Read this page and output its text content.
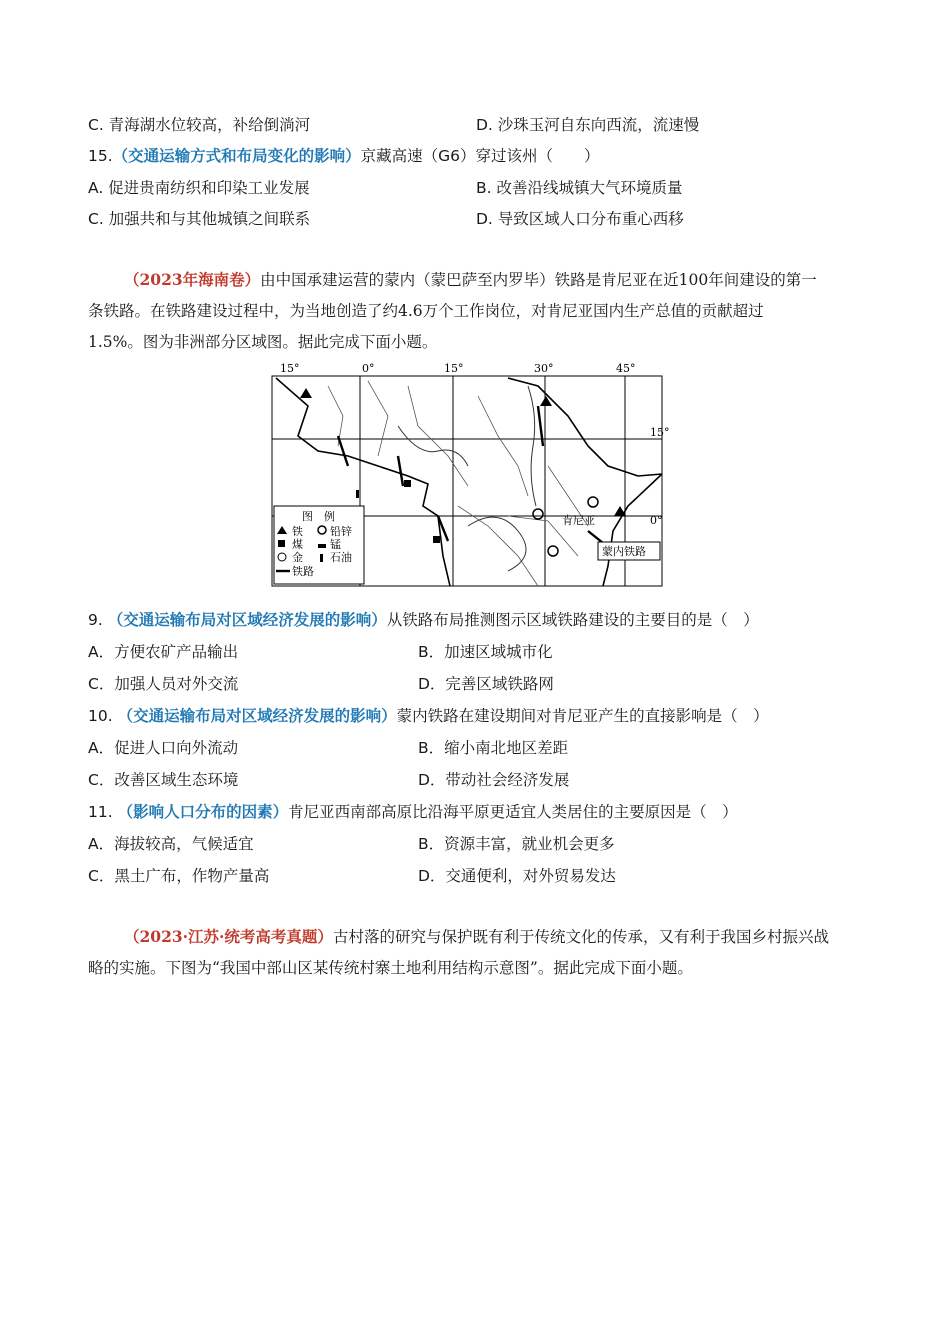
C. 青海湖水位较高，补给倒淌河	D. 沙珠玉河自东向西流，流速慢
15.（交通运输方式和布局变化的影响）京藏高速（G6）穿过该州（　　）
A. 促进贵南纺织和印染工业发展	B. 改善沿线城镇大气环境质量
C. 加强共和与其他城镇之间联系	D. 导致区域人口分布重心西移
（2023年海南卷）由中国承建运营的蒙内（蒙巴萨至内罗毕）铁路是肯尼亚在近100年间建设的第一
条铁路。在铁路建设过程中，为当地创造了约4.6万个工作岗位，对肯尼亚国内生产总值的贡献超过
1.5%。图为非洲部分区域图。据此完成下面小题。
15°	0°	15°	30°	45°
15°
0°
肯尼亚
蒙内铁路
图　例
铁
煤
金
铁路
铅锌
锰
石油
9. （交通运输布局对区域经济发展的影响）从铁路布局推测图示区域铁路建设的主要目的是（　）
A．方便农矿产品输出	B．加速区域城市化
C．加强人员对外交流	D．完善区域铁路网
10. （交通运输布局对区域经济发展的影响）蒙内铁路在建设期间对肯尼亚产生的直接影响是（　）
A．促进人口向外流动	B．缩小南北地区差距
C．改善区域生态环境	D．带动社会经济发展
11. （影响人口分布的因素）肯尼亚西南部高原比沿海平原更适宜人类居住的主要原因是（　）
A．海拔较高，气候适宜	B．资源丰富，就业机会更多
C．黑土广布，作物产量高	D．交通便利，对外贸易发达
（2023·江苏·统考高考真题）古村落的研究与保护既有利于传统文化的传承，又有利于我国乡村振兴战
略的实施。下图为“我国中部山区某传统村寨土地利用结构示意图”。据此完成下面小题。
